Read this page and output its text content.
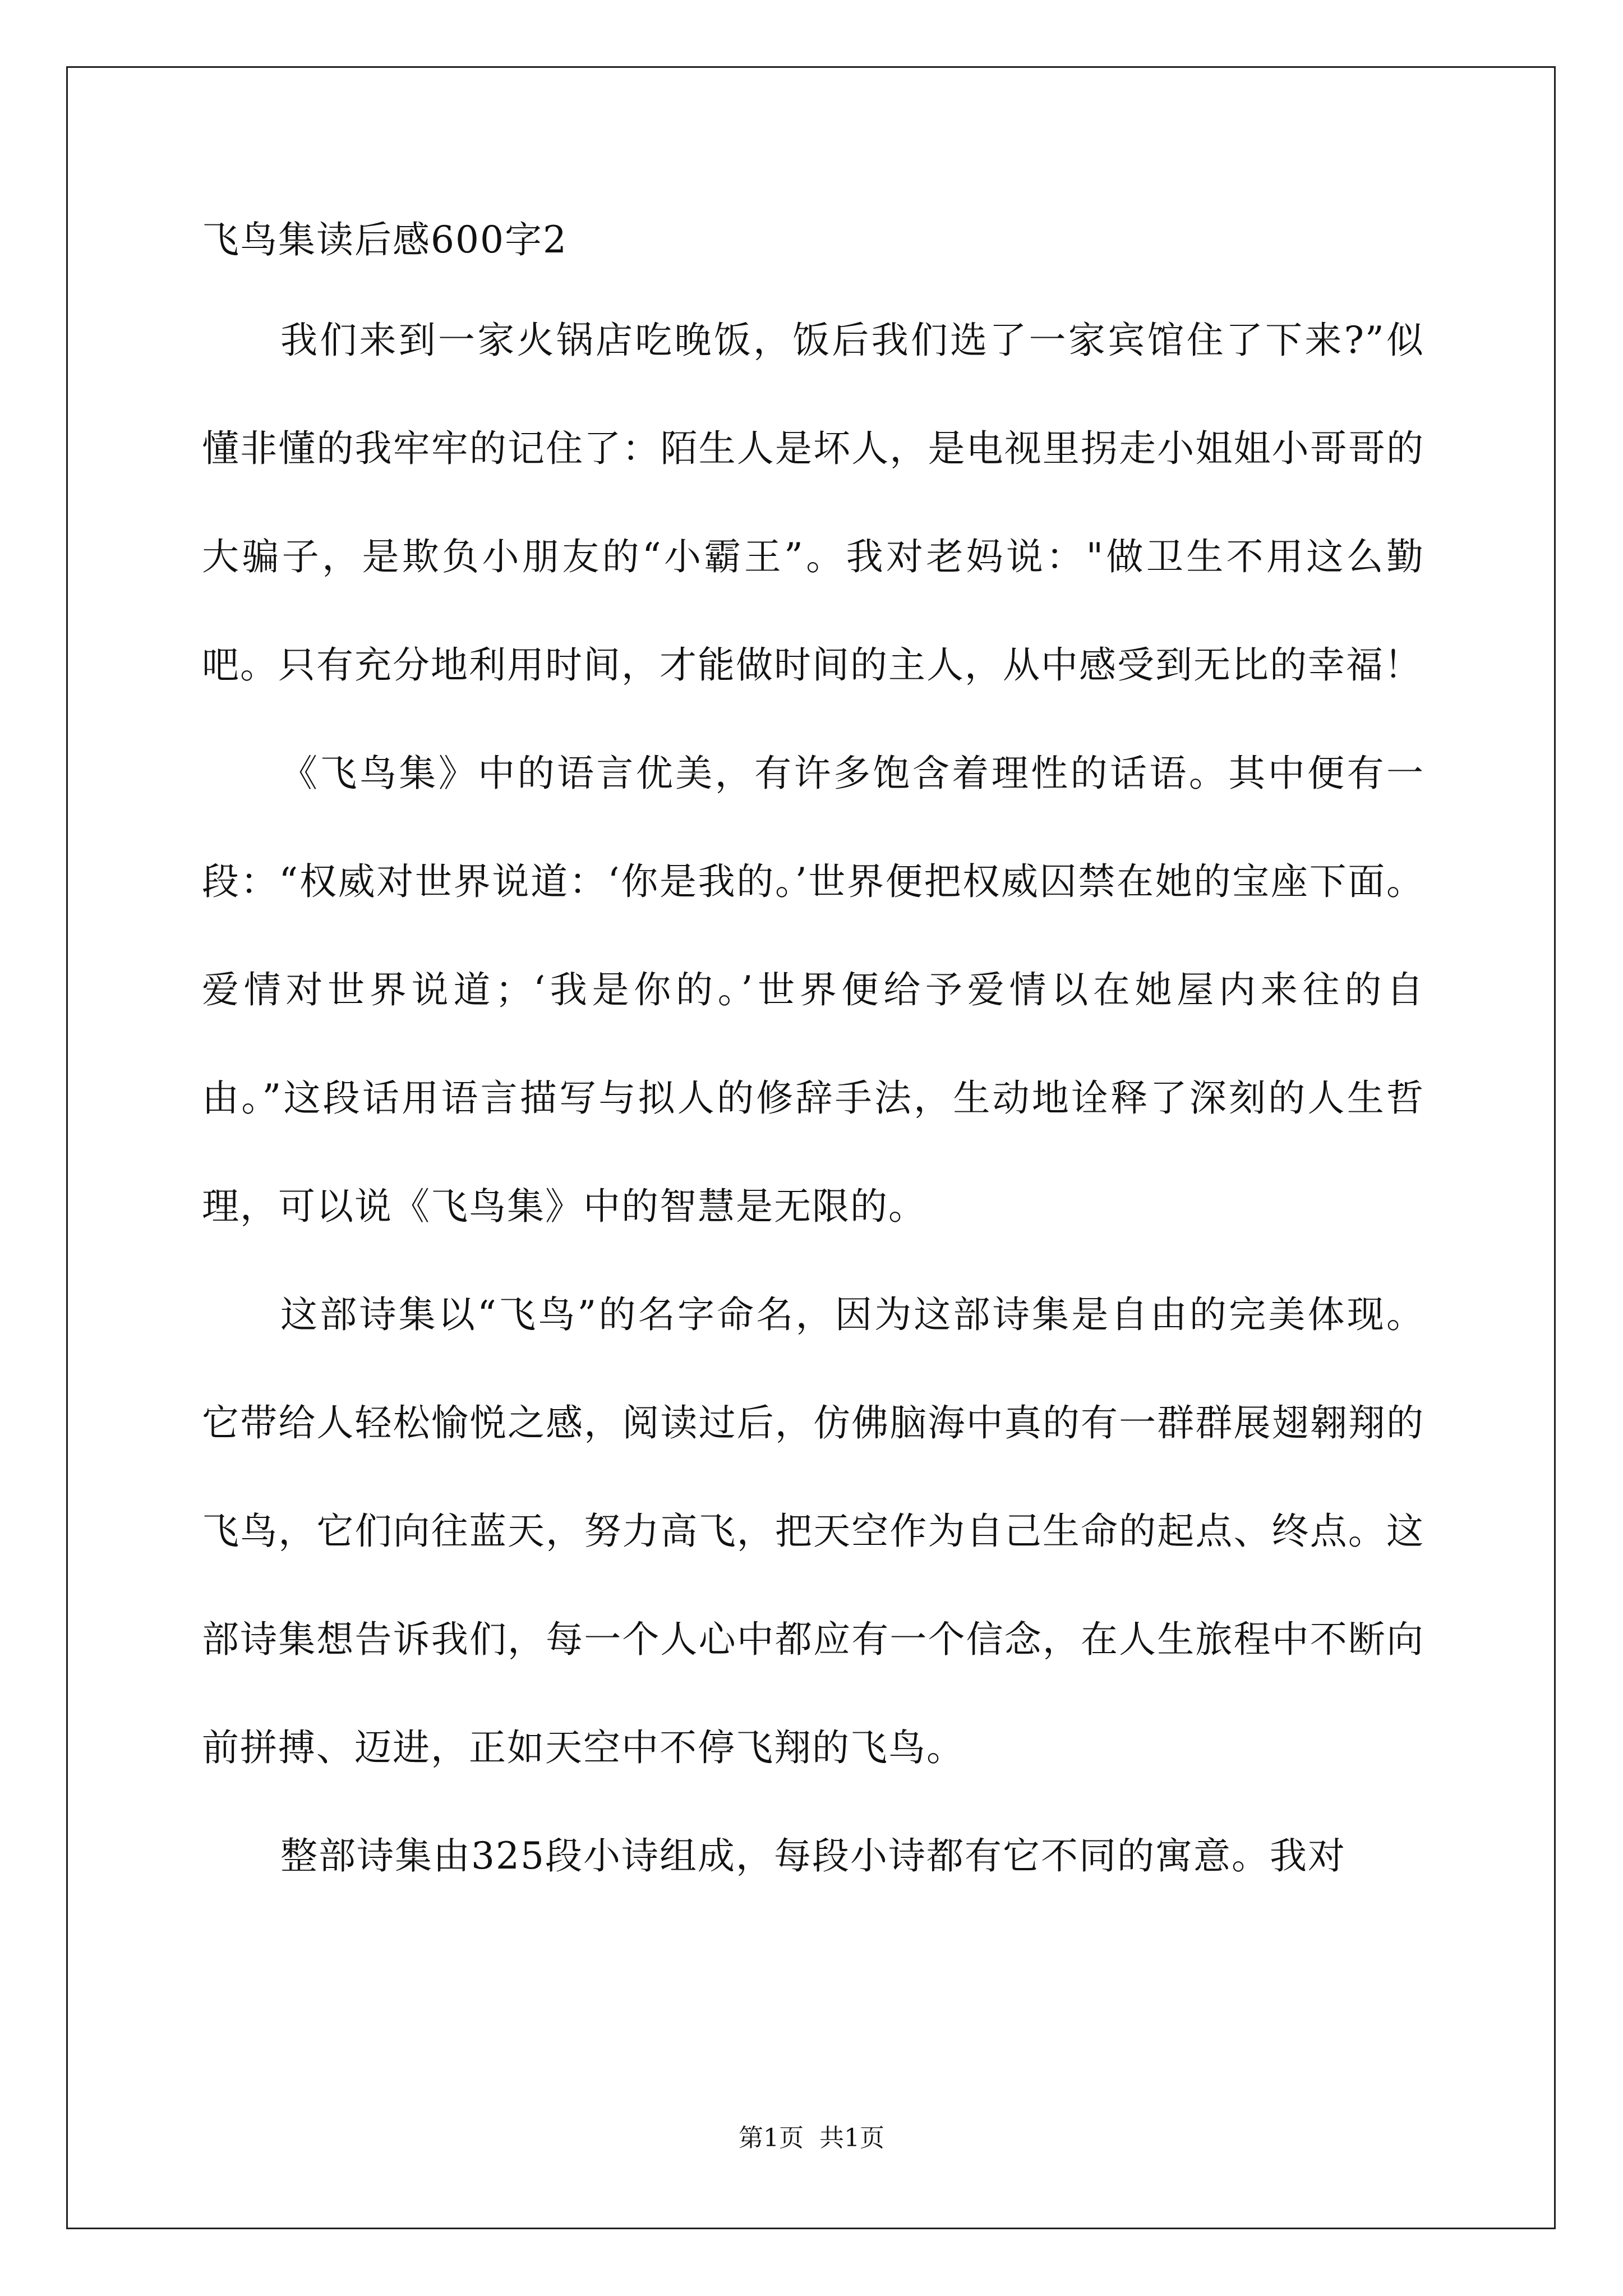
飞鸟集读后感600字2

我们来到一家火锅店吃晚饭，饭后我们选了一家宾馆住了下来?”似懂非懂的我牢牢的记住了：陌生人是坏人，是电视里拐走小姐姐小哥哥的大骗子，是欺负小朋友的“小霸王”。我对老妈说："做卫生不用这么勤吧。只有充分地利用时间，才能做时间的主人，从中感受到无比的幸福！

《飞鸟集》中的语言优美，有许多饱含着理性的话语。其中便有一段：“权威对世界说道：‘你是我的。’世界便把权威囚禁在她的宝座下面。爱情对世界说道；‘我是你的。’世界便给予爱情以在她屋内来往的自由。”这段话用语言描写与拟人的修辞手法，生动地诠释了深刻的人生哲理，可以说《飞鸟集》中的智慧是无限的。

这部诗集以“飞鸟”的名字命名，因为这部诗集是自由的完美体现。它带给人轻松愉悦之感，阅读过后，仿佛脑海中真的有一群群展翅翱翔的飞鸟，它们向往蓝天，努力高飞，把天空作为自己生命的起点、终点。这部诗集想告诉我们，每一个人心中都应有一个信念，在人生旅程中不断向前拼搏、迈进，正如天空中不停飞翔的飞鸟。

整部诗集由325段小诗组成，每段小诗都有它不同的寓意。我对

第1页  共1页
